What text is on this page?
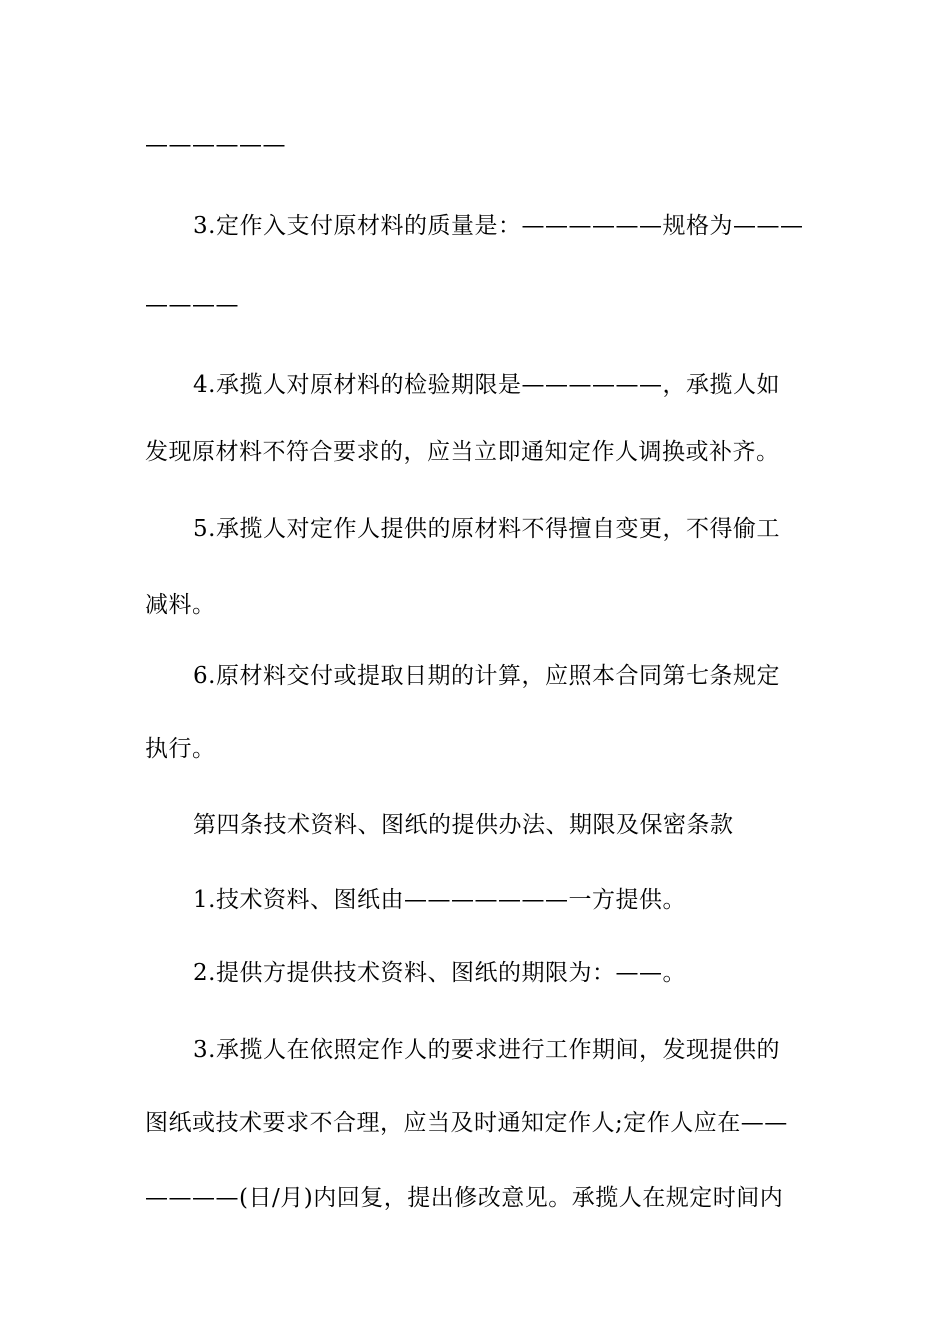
——————
3.定作入支付原材料的质量是：——————规格为———
————
4.承揽人对原材料的检验期限是——————，承揽人如
发现原材料不符合要求的，应当立即通知定作人调换或补齐。
5.承揽人对定作人提供的原材料不得擅自变更，不得偷工
减料。
6.原材料交付或提取日期的计算，应照本合同第七条规定
执行。
第四条技术资料、图纸的提供办法、期限及保密条款
1.技术资料、图纸由———————一方提供。
2.提供方提供技术资料、图纸的期限为：——。
3.承揽人在依照定作人的要求进行工作期间，发现提供的
图纸或技术要求不合理，应当及时通知定作人;定作人应在——
————(日/月)内回复，提出修改意见。承揽人在规定时间内
